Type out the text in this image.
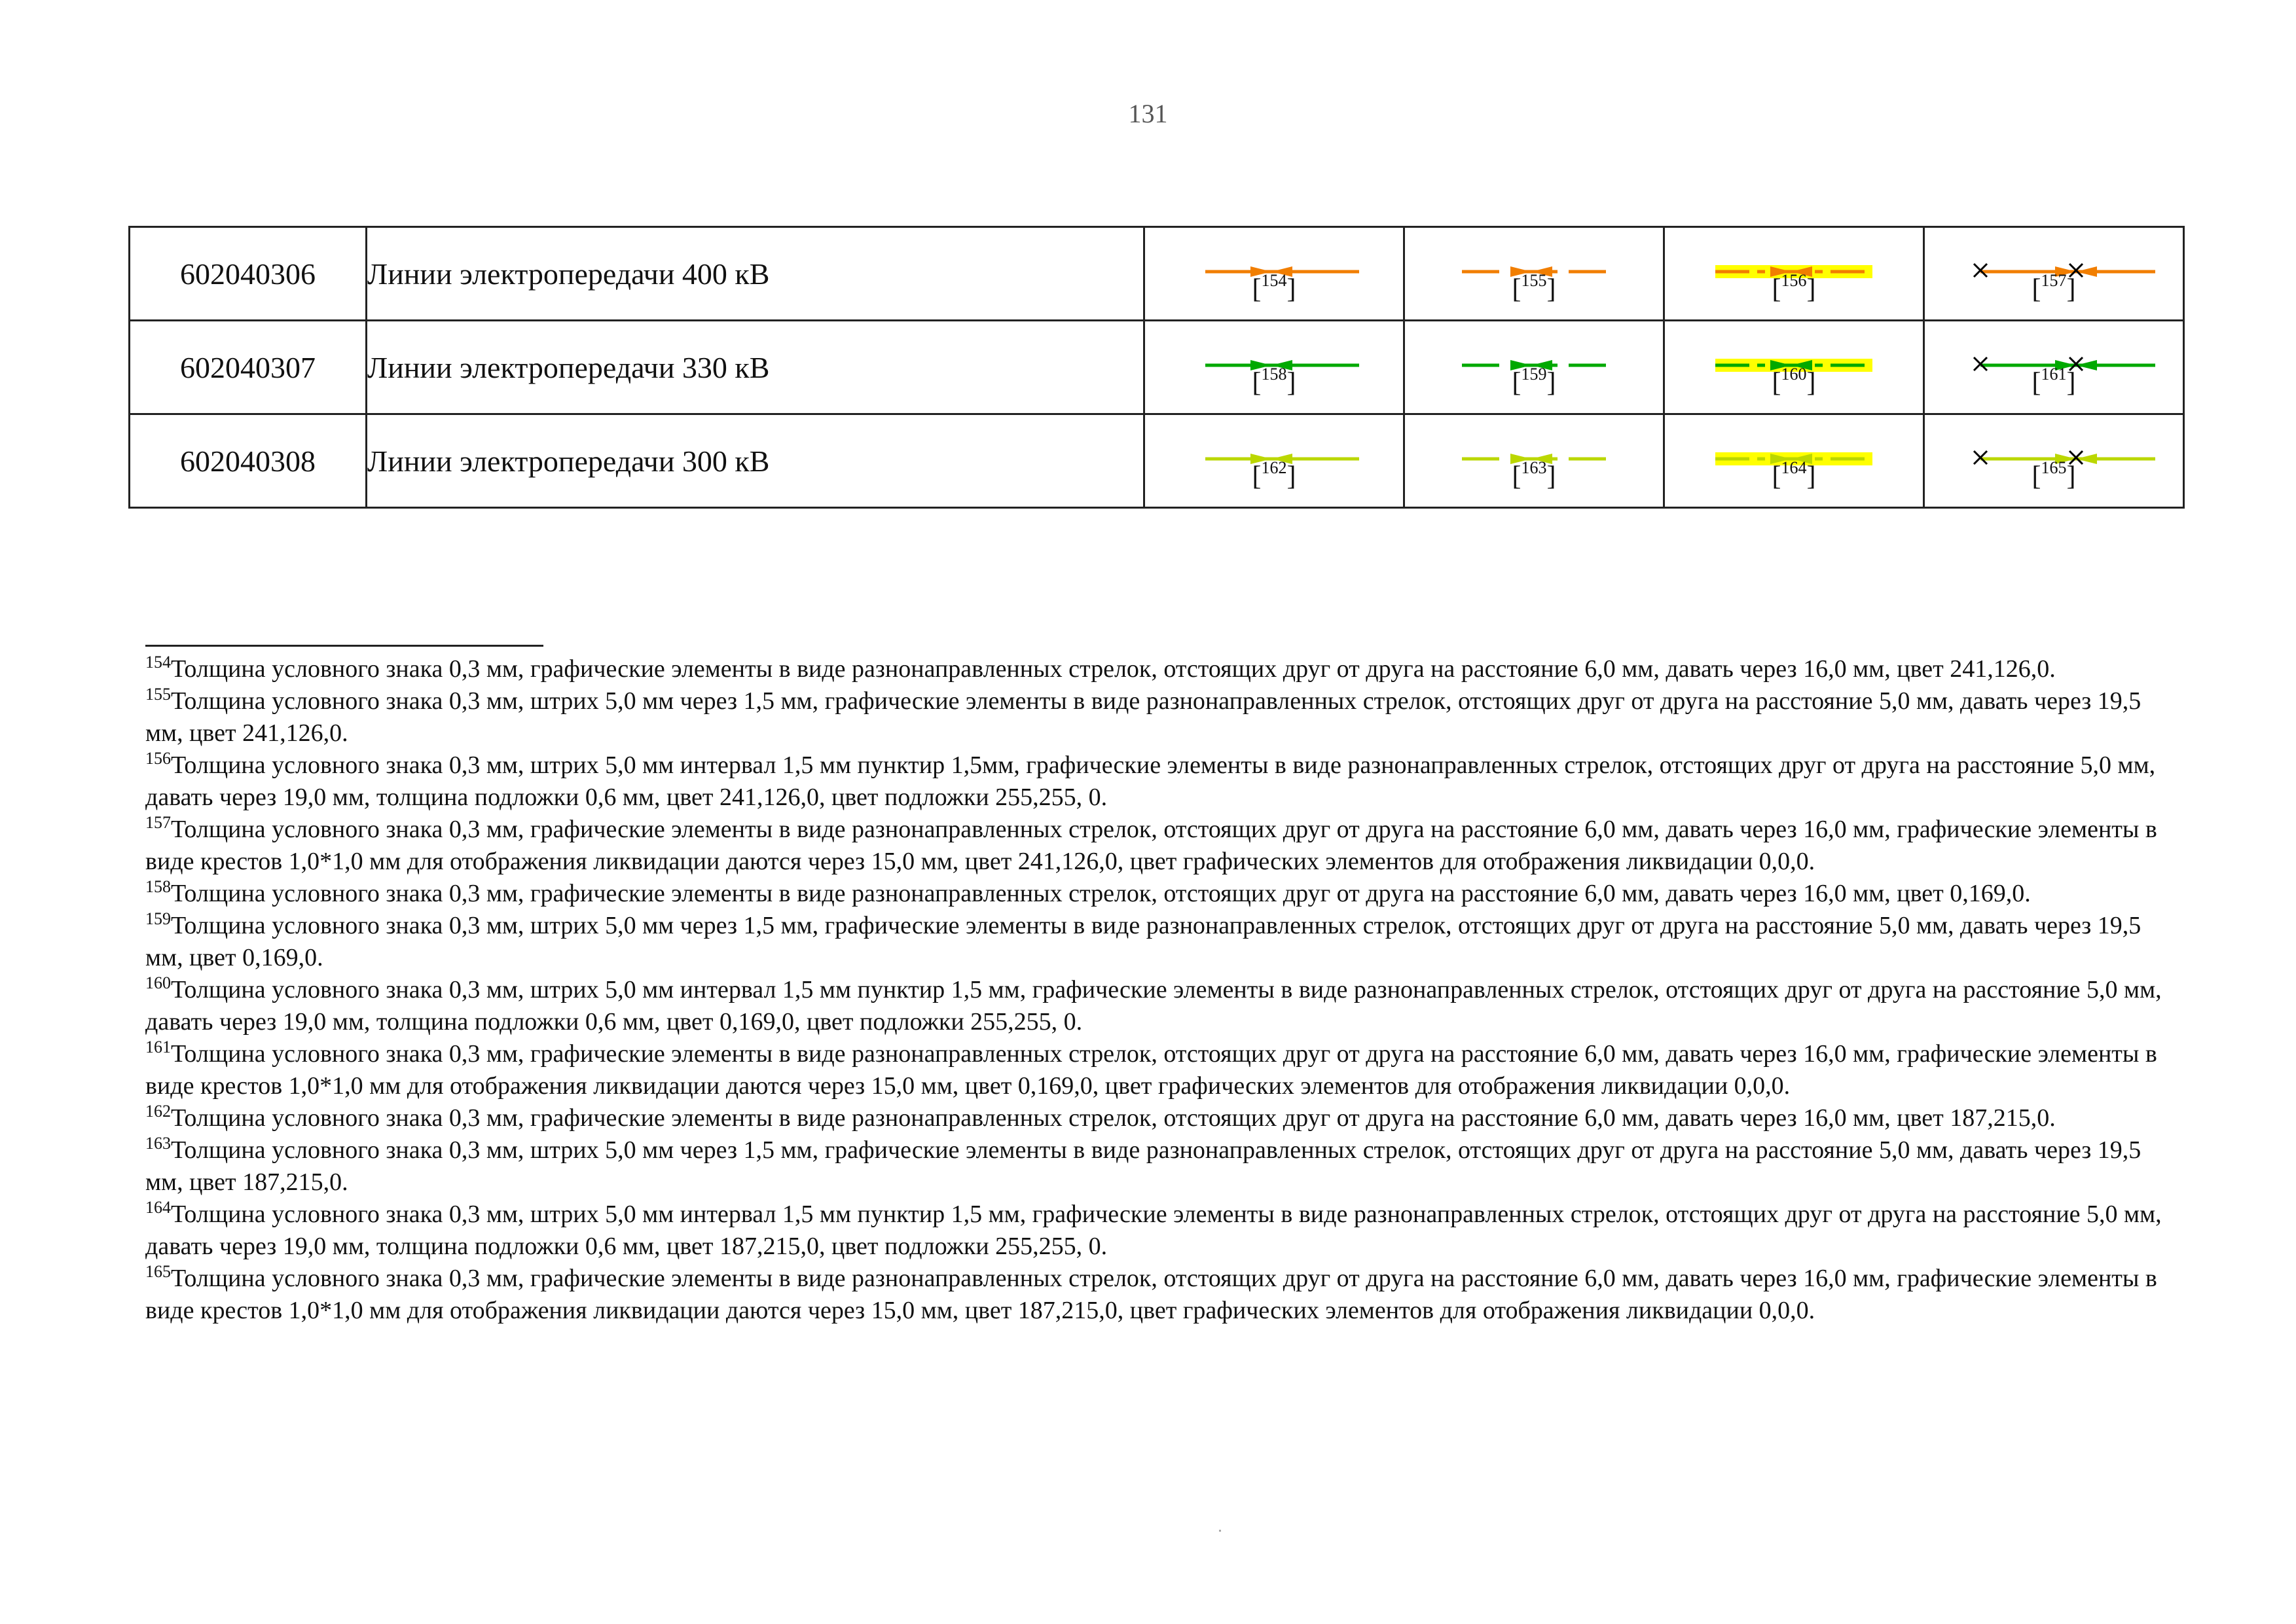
131
602040306	Линии электропередачи 400 кВ	[$^{154}$]	[$^{155}$]	[$^{156}$]	[$^{157}$]

602040307	Линии электропередачи 330 кВ	[$^{158}$]	[$^{159}$]	[$^{160}$]	[$^{161}$]

602040308	Линии электропередачи 300 кВ	[$^{162}$]	[$^{163}$]	[$^{164}$]	[$^{165}$]

$^{154}$Толщина условного знака 0,3 мм, графические элементы в виде разнонаправленных стрелок, отстоящих друг от друга на расстояние 6,0 мм, давать через 16,0 мм, цвет 241,126,0.

$^{155}$Толщина условного знака 0,3 мм, штрих 5,0 мм через 1,5 мм, графические элементы в виде разнонаправленных стрелок, отстоящих друг от друга на расстояние 5,0 мм, давать через 19,5 мм, цвет 241,126,0.

$^{156}$Толщина условного знака 0,3 мм, штрих 5,0 мм интервал 1,5 мм пунктир 1,5мм, графические элементы в виде разнонаправленных стрелок, отстоящих друг от друга на расстояние 5,0 мм, давать через 19,0 мм, толщина подложки 0,6 мм, цвет 241,126,0, цвет подложки 255,255, 0.

$^{157}$Толщина условного знака 0,3 мм, графические элементы в виде разнонаправленных стрелок, отстоящих друг от друга на расстояние 6,0 мм, давать через 16,0 мм, графические элементы в виде крестов 1,0*1,0 мм для отображения ликвидации даются через 15,0 мм, цвет 241,126,0, цвет графических элементов для отображения ликвидации 0,0,0.

$^{158}$Толщина условного знака 0,3 мм, графические элементы в виде разнонаправленных стрелок, отстоящих друг от друга на расстояние 6,0 мм, давать через 16,0 мм, цвет 0,169,0.

$^{159}$Толщина условного знака 0,3 мм, штрих 5,0 мм через 1,5 мм, графические элементы в виде разнонаправленных стрелок, отстоящих друг от друга на расстояние 5,0 мм, давать через 19,5 мм, цвет 0,169,0.

$^{160}$Толщина условного знака 0,3 мм, штрих 5,0 мм интервал 1,5 мм пунктир 1,5 мм, графические элементы в виде разнонаправленных стрелок, отстоящих друг от друга на расстояние 5,0 мм, давать через 19,0 мм, толщина подложки 0,6 мм, цвет 0,169,0, цвет подложки 255,255, 0.

$^{161}$Толщина условного знака 0,3 мм, графические элементы в виде разнонаправленных стрелок, отстоящих друг от друга на расстояние 6,0 мм, давать через 16,0 мм, графические элементы в виде крестов 1,0*1,0 мм для отображения ликвидации даются через 15,0 мм, цвет 0,169,0, цвет графических элементов для отображения ликвидации 0,0,0.

$^{162}$Толщина условного знака 0,3 мм, графические элементы в виде разнонаправленных стрелок, отстоящих друг от друга на расстояние 6,0 мм, давать через 16,0 мм, цвет 187,215,0.

$^{163}$Толщина условного знака 0,3 мм, штрих 5,0 мм через 1,5 мм, графические элементы в виде разнонаправленных стрелок, отстоящих друг от друга на расстояние 5,0 мм, давать через 19,5 мм, цвет 187,215,0.

$^{164}$Толщина условного знака 0,3 мм, штрих 5,0 мм интервал 1,5 мм пунктир 1,5 мм, графические элементы в виде разнонаправленных стрелок, отстоящих друг от друга на расстояние 5,0 мм, давать через 19,0 мм, толщина подложки 0,6 мм, цвет 187,215,0, цвет подложки 255,255, 0.

$^{165}$Толщина условного знака 0,3 мм, графические элементы в виде разнонаправленных стрелок, отстоящих друг от друга на расстояние 6,0 мм, давать через 16,0 мм, графические элементы в виде крестов 1,0*1,0 мм для отображения ликвидации даются через 15,0 мм, цвет 187,215,0, цвет графических элементов для отображения ликвидации 0,0,0.
